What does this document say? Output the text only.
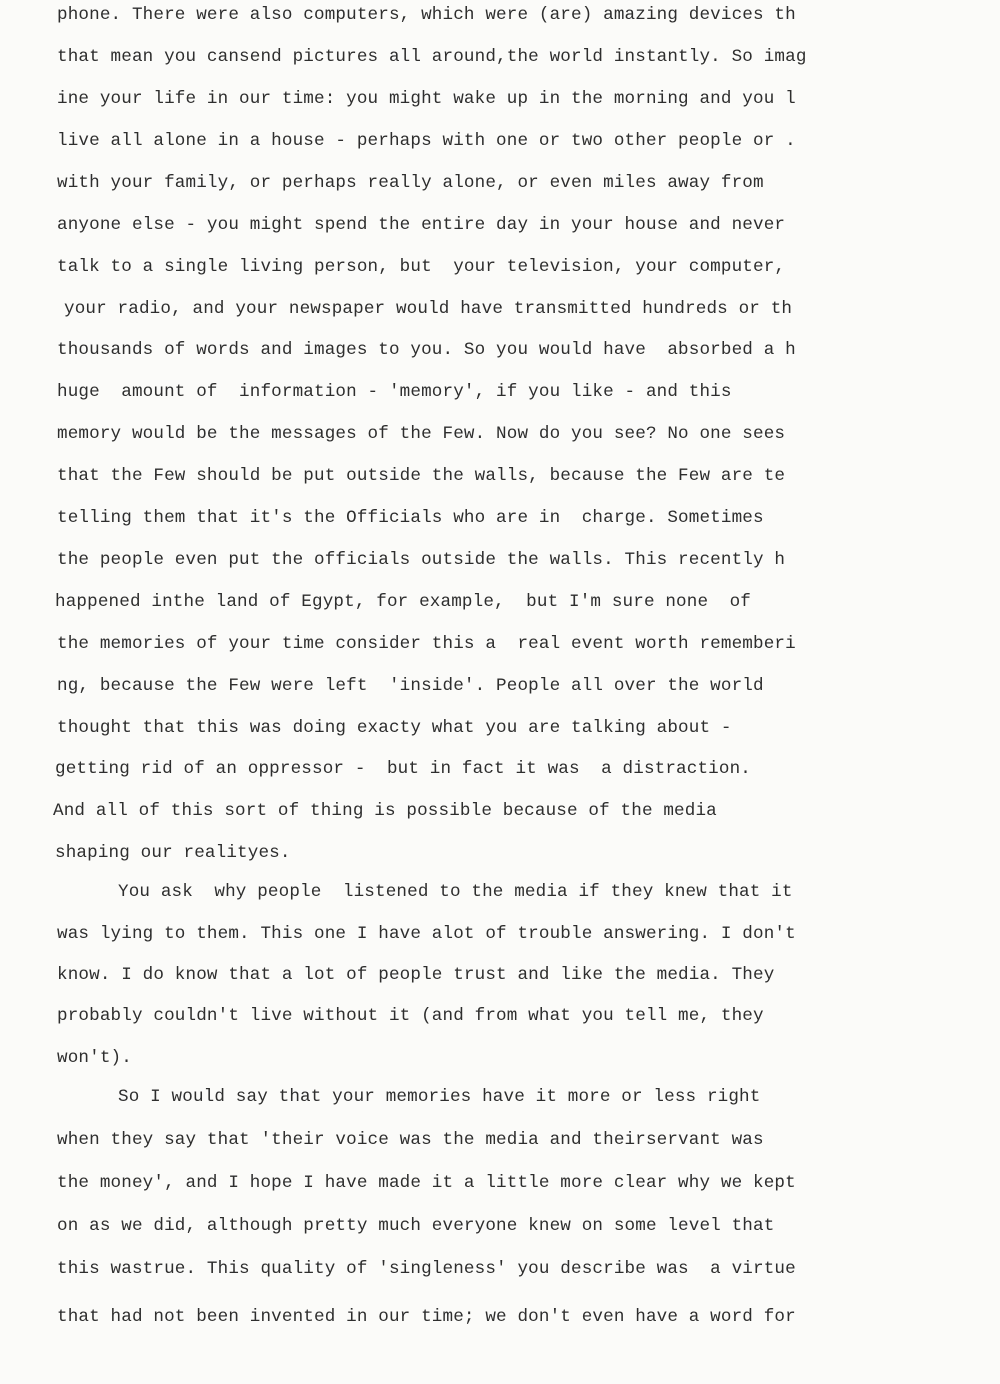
phone. There were also computers, which were (are) amazing devices th
that mean you cansend pictures all around,the world instantly. So imag
ine your life in our time: you might wake up in the morning and you l
live all alone in a house - perhaps with one or two other people or .
with your family, or perhaps really alone, or even miles away from
anyone else - you might spend the entire day in your house and never
talk to a single living person, but  your television, your computer,
your radio, and your newspaper would have transmitted hundreds or th
thousands of words and images to you. So you would have  absorbed a h
huge  amount of  information - 'memory', if you like - and this
memory would be the messages of the Few. Now do you see? No one sees
that the Few should be put outside the walls, because the Few are te
telling them that it's the Officials who are in  charge. Sometimes
the people even put the officials outside the walls. This recently h
happened inthe land of Egypt, for example,  but I'm sure none  of
the memories of your time consider this a  real event worth rememberi
ng, because the Few were left  'inside'. People all over the world
thought that this was doing exacty what you are talking about -
getting rid of an oppressor -  but in fact it was  a distraction.
And all of this sort of thing is possible because of the media
shaping our realityes.
You ask  why people  listened to the media if they knew that it
was lying to them. This one I have alot of trouble answering. I don't
know. I do know that a lot of people trust and like the media. They
probably couldn't live without it (and from what you tell me, they
won't).
So I would say that your memories have it more or less right
when they say that 'their voice was the media and theirservant was
the money', and I hope I have made it a little more clear why we kept
on as we did, although pretty much everyone knew on some level that
this wastrue. This quality of 'singleness' you describe was  a virtue
that had not been invented in our time; we don't even have a word for
